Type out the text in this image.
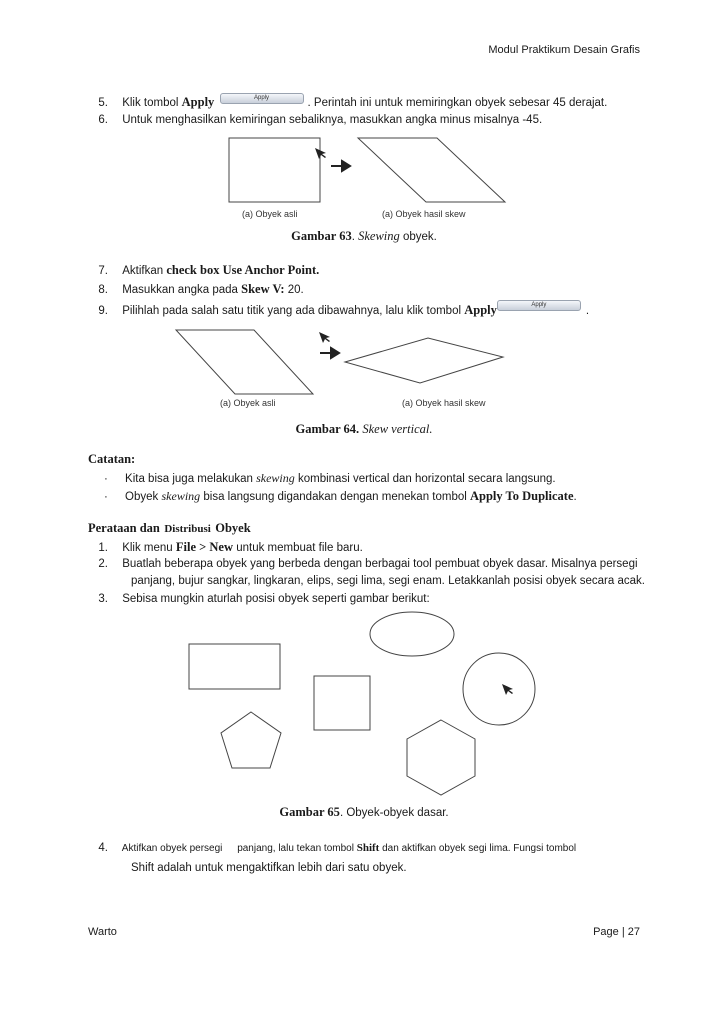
Modul Praktikum Desain Grafis
5. Klik tombol Apply	Apply	. Perintah ini untuk memiringkan obyek sebesar 45 derajat.
6. Untuk menghasilkan kemiringan sebaliknya, masukkan angka minus misalnya -45.
(a) Obyek asli	(a) Obyek hasil skew
Gambar 63. Skewing obyek.
7. Aktifkan check box Use Anchor Point.
8. Masukkan angka pada Skew V: 20.
9. Pilihlah pada salah satu titik yang ada dibawahnya, lalu klik tombol Apply	Apply	.
(a) Obyek asli	(a) Obyek hasil skew
Gambar 64. Skew vertical.
Catatan:
· Kita bisa juga melakukan skewing kombinasi vertical dan horizontal secara langsung.
· Obyek skewing bisa langsung digandakan dengan menekan tombol Apply To Duplicate.
Perataan dan Distribusi Obyek
1. Klik menu File > New untuk membuat file baru.
2. Buatlah beberapa obyek yang berbeda dengan berbagai tool pembuat obyek dasar. Misalnya persegi
panjang, bujur sangkar, lingkaran, elips, segi lima, segi enam. Letakkanlah posisi obyek secara acak.
3. Sebisa mungkin aturlah posisi obyek seperti gambar berikut:
Gambar 65. Obyek-obyek dasar.
4. Aktifkan obyek persegi panjang, lalu tekan tombol Shift dan aktifkan obyek segi lima. Fungsi tombol
Shift adalah untuk mengaktifkan lebih dari satu obyek.
Warto	Page | 27
